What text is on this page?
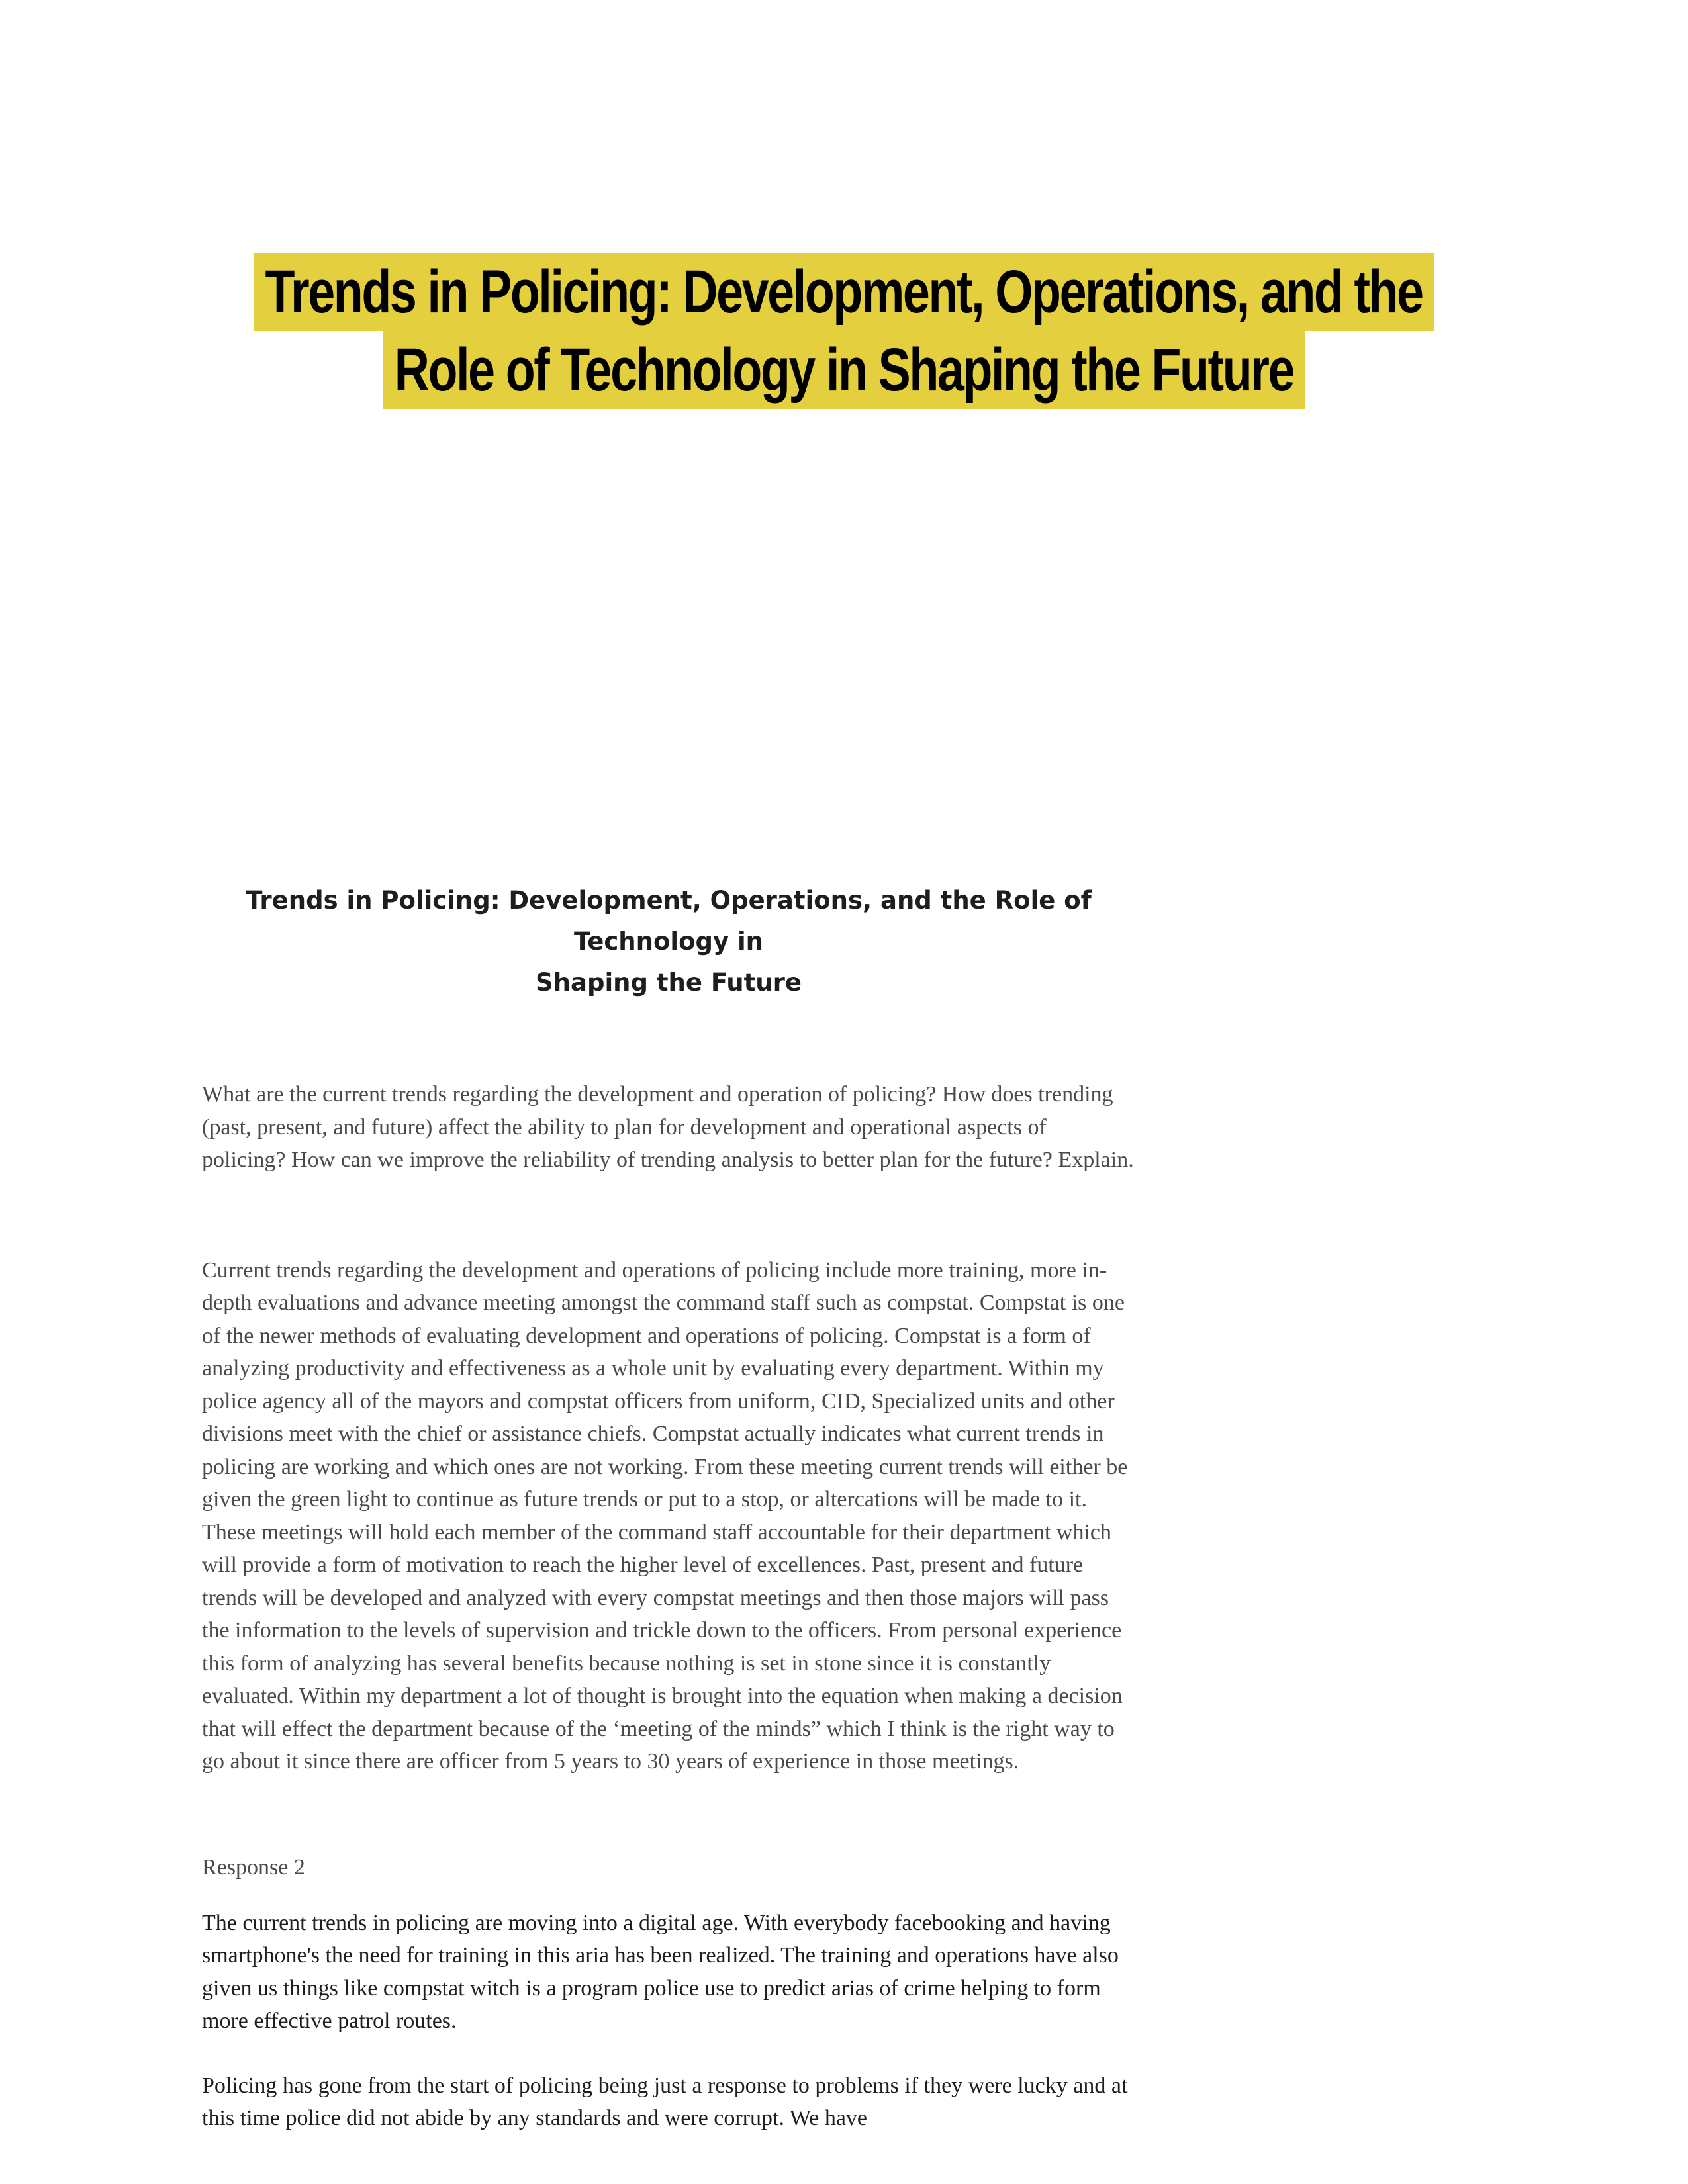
Trends in Policing: Development, Operations, and the
Role of Technology in Shaping the Future

Trends in Policing: Development, Operations, and the Role of Technology in
Shaping the Future

What are the current trends regarding the development and operation of policing? How does trending (past, present, and future) affect the ability to plan for development and operational aspects of policing? How can we improve the reliability of trending analysis to better plan for the future? Explain.

Current trends regarding the development and operations of policing include more training, more in-depth evaluations and advance meeting amongst the command staff such as compstat. Compstat is one of the newer methods of evaluating development and operations of policing. Compstat is a form of analyzing productivity and effectiveness as a whole unit by evaluating every department. Within my police agency all of the mayors and compstat officers from uniform, CID, Specialized units and other divisions meet with the chief or assistance chiefs. Compstat actually indicates what current trends in policing are working and which ones are not working. From these meeting current trends will either be given the green light to continue as future trends or put to a stop, or altercations will be made to it. These meetings will hold each member of the command staff accountable for their department which will provide a form of motivation to reach the higher level of excellences. Past, present and future trends will be developed and analyzed with every compstat meetings and then those majors will pass the information to the levels of supervision and trickle down to the officers. From personal experience this form of analyzing has several benefits because nothing is set in stone since it is constantly evaluated. Within my department a lot of thought is brought into the equation when making a decision that will effect the department because of the ‘meeting of the minds” which I think is the right way to go about it since there are officer from 5 years to 30 years of experience in those meetings.

Response 2

The current trends in policing are moving into a digital age. With everybody facebooking and having smartphone's the need for training in this aria has been realized. The training and operations have also given us things like compstat witch is a program police use to predict arias of crime helping to form more effective patrol routes.

Policing has gone from the start of policing being just a response to problems if they were lucky and at this time police did not abide by any standards and were corrupt. We have
